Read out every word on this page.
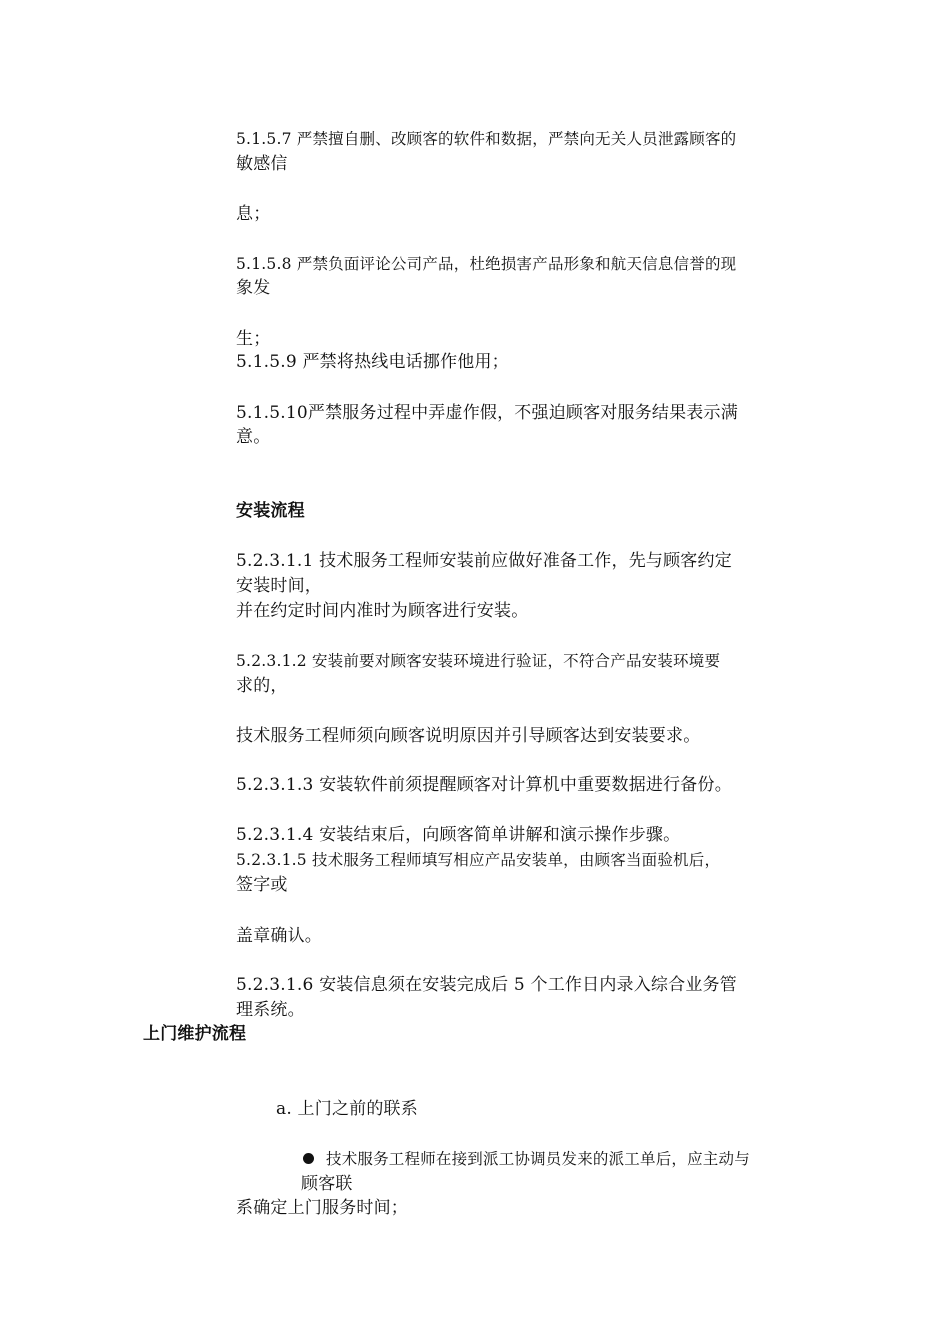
5.1.5.7 严禁擅自删、改顾客的软件和数据，严禁向无关人员泄露顾客的
敏感信
息；
5.1.5.8 严禁负面评论公司产品，杜绝损害产品形象和航天信息信誉的现
象发
生；
5.1.5.9 严禁将热线电话挪作他用；
5.1.5.10严禁服务过程中弄虚作假，不强迫顾客对服务结果表示满
意。
安装流程
5.2.3.1.1 技术服务工程师安装前应做好准备工作，先与顾客约定
安装时间，
并在约定时间内准时为顾客进行安装。
5.2.3.1.2 安装前要对顾客安装环境进行验证，不符合产品安装环境要
求的，
技术服务工程师须向顾客说明原因并引导顾客达到安装要求。
5.2.3.1.3 安装软件前须提醒顾客对计算机中重要数据进行备份。
5.2.3.1.4 安装结束后，向顾客简单讲解和演示操作步骤。
5.2.3.1.5 技术服务工程师填写相应产品安装单，由顾客当面验机后，
签字或
盖章确认。
5.2.3.1.6 安装信息须在安装完成后 5 个工作日内录入综合业务管
理系统。
上门维护流程
a. 上门之前的联系
技术服务工程师在接到派工协调员发来的派工单后，应主动与
顾客联
系确定上门服务时间；
